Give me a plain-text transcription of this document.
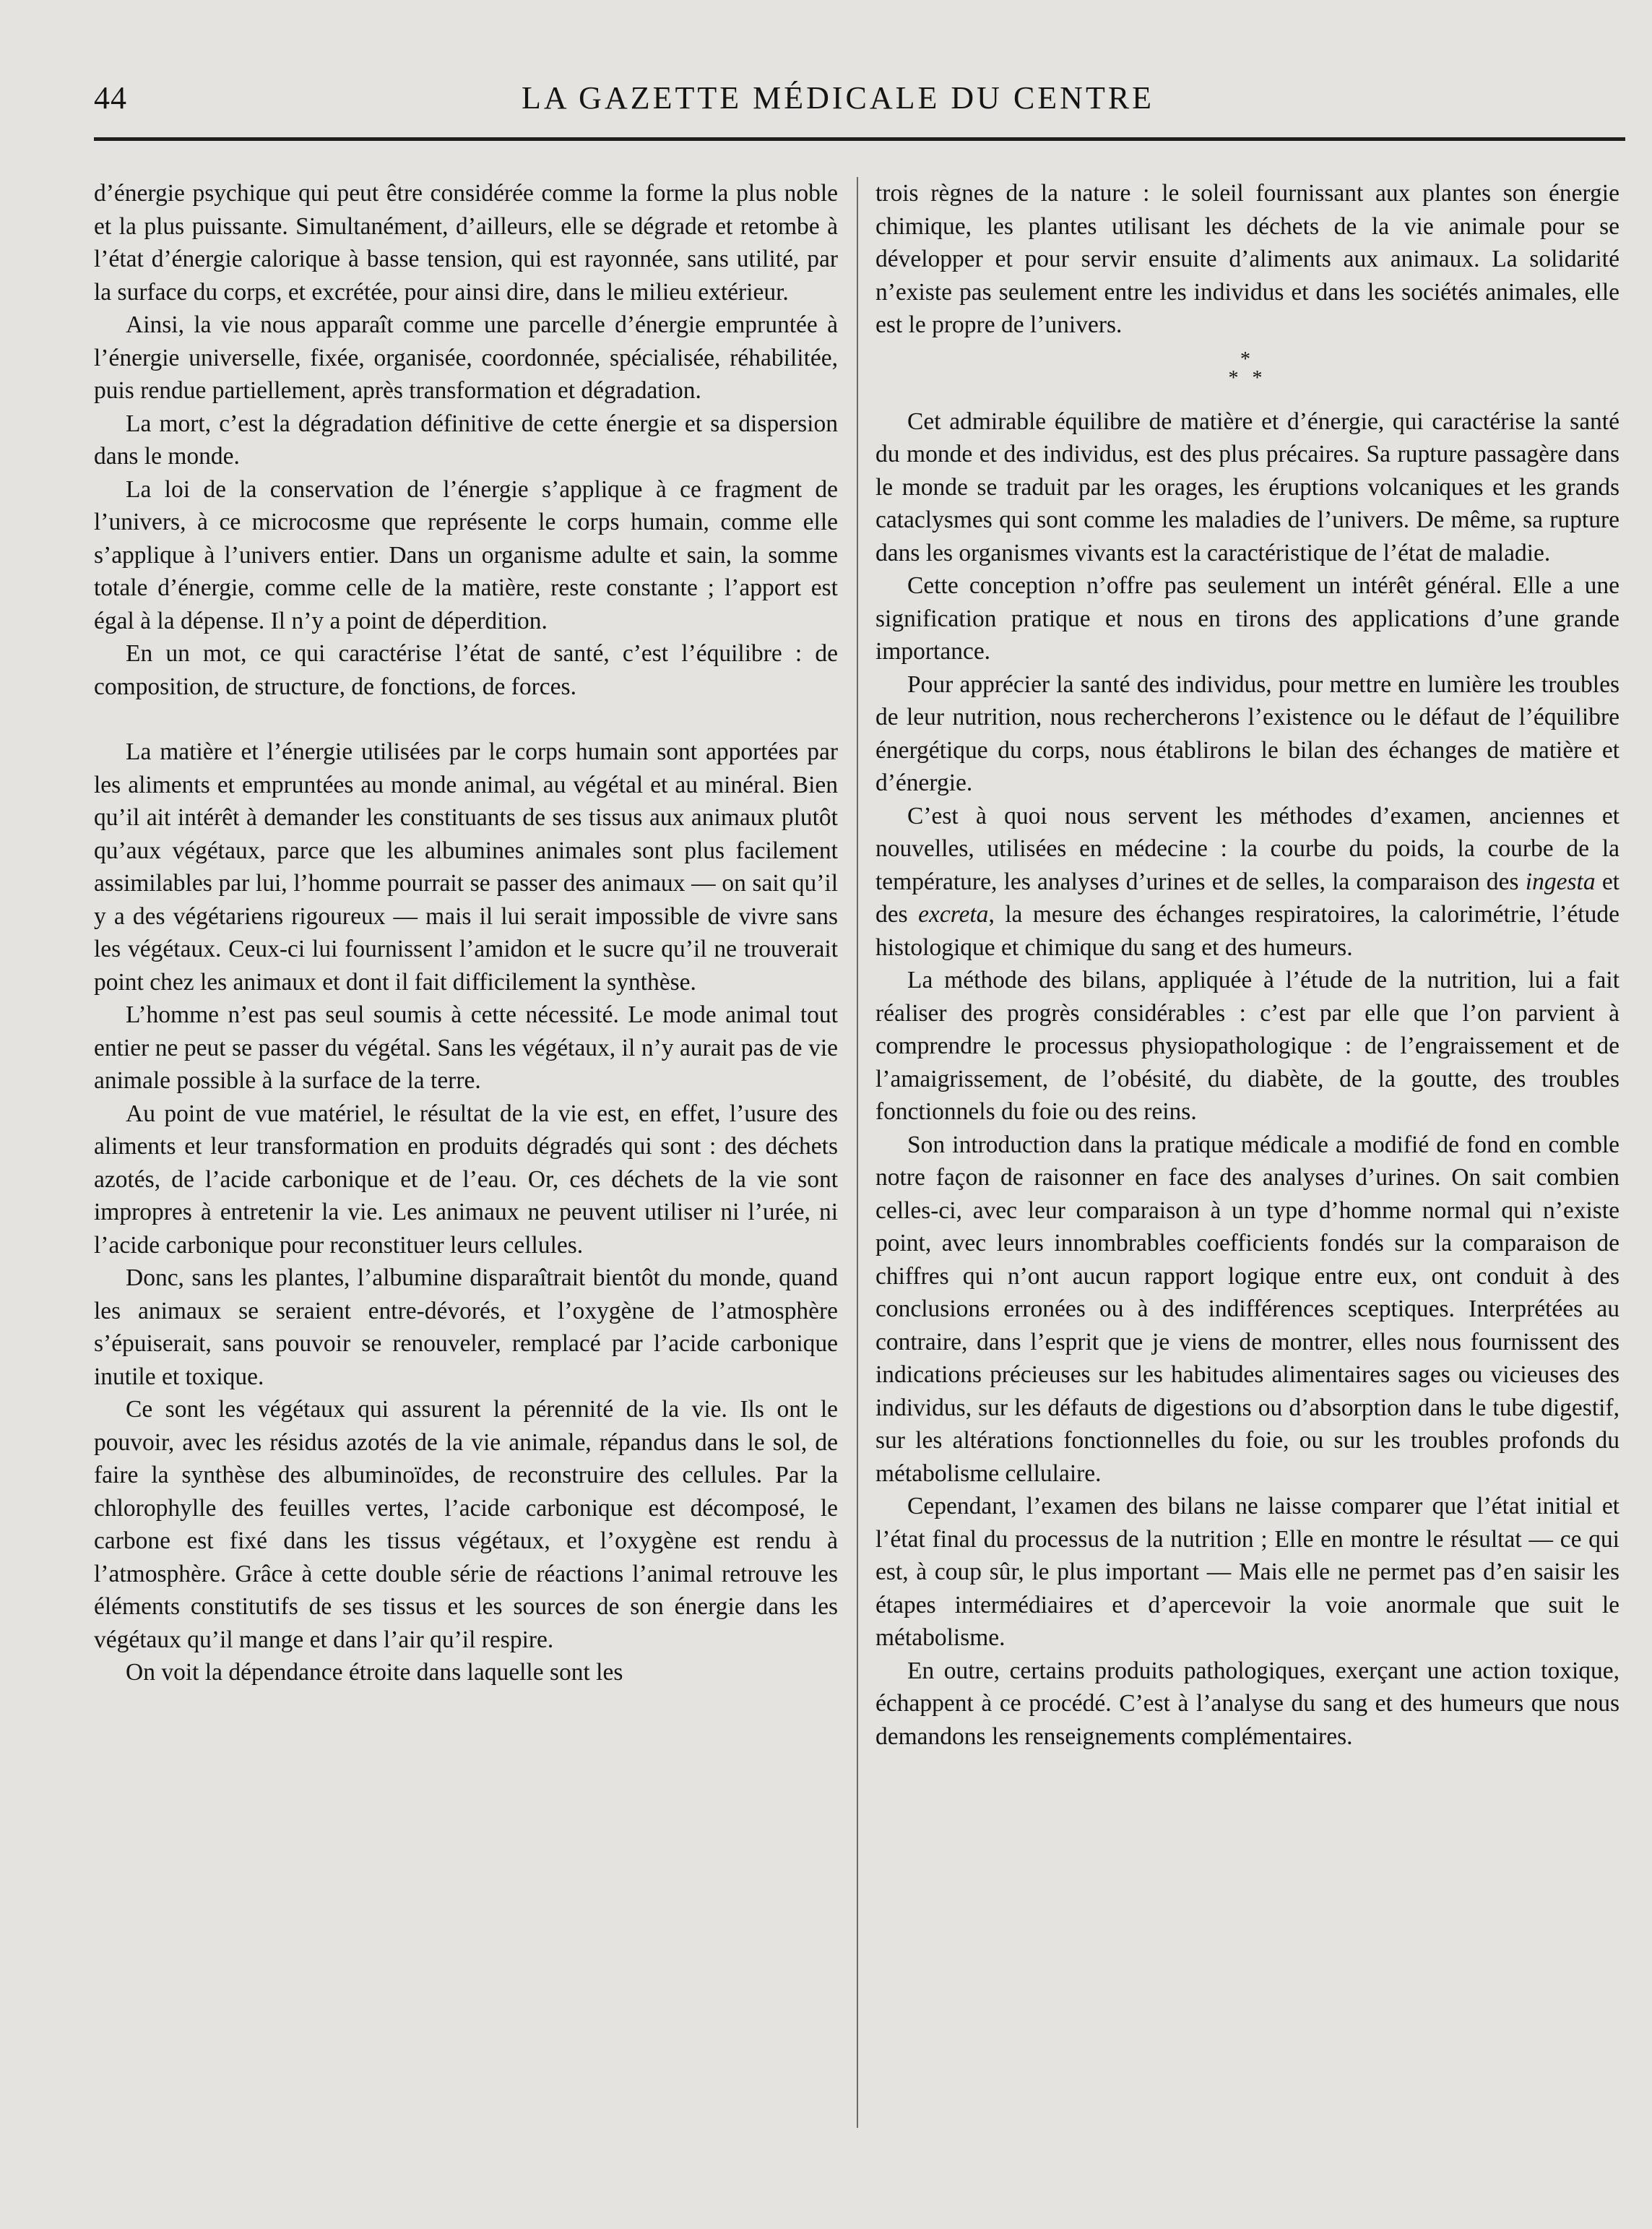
44	LA GAZETTE MÉDICALE DU CENTRE

d’énergie psychique qui peut être considérée comme la forme la plus noble et la plus puissante. Simultanément, d’ailleurs, elle se dégrade et retombe à l’état d’énergie calorique à basse tension, qui est rayonnée, sans utilité, par la surface du corps, et excrétée, pour ainsi dire, dans le milieu extérieur.

Ainsi, la vie nous apparaît comme une parcelle d’énergie empruntée à l’énergie universelle, fixée, organisée, coordonnée, spécialisée, réhabilitée, puis rendue partiellement, après transformation et dégradation.

La mort, c’est la dégradation définitive de cette énergie et sa dispersion dans le monde.

La loi de la conservation de l’énergie s’applique à ce fragment de l’univers, à ce microcosme que représente le corps humain, comme elle s’applique à l’univers entier. Dans un organisme adulte et sain, la somme totale d’énergie, comme celle de la matière, reste constante ; l’apport est égal à la dépense. Il n’y a point de déperdition.

En un mot, ce qui caractérise l’état de santé, c’est l’équilibre : de composition, de structure, de fonctions, de forces.

La matière et l’énergie utilisées par le corps humain sont apportées par les aliments et empruntées au monde animal, au végétal et au minéral. Bien qu’il ait intérêt à demander les constituants de ses tissus aux animaux plutôt qu’aux végétaux, parce que les albumines animales sont plus facilement assimilables par lui, l’homme pourrait se passer des animaux — on sait qu’il y a des végétariens rigoureux — mais il lui serait impossible de vivre sans les végétaux. Ceux-ci lui fournissent l’amidon et le sucre qu’il ne trouverait point chez les animaux et dont il fait difficilement la synthèse.

L’homme n’est pas seul soumis à cette nécessité. Le mode animal tout entier ne peut se passer du végétal. Sans les végétaux, il n’y aurait pas de vie animale possible à la surface de la terre.

Au point de vue matériel, le résultat de la vie est, en effet, l’usure des aliments et leur transformation en produits dégradés qui sont : des déchets azotés, de l’acide carbonique et de l’eau. Or, ces déchets de la vie sont impropres à entretenir la vie. Les animaux ne peuvent utiliser ni l’urée, ni l’acide carbonique pour reconstituer leurs cellules.

Donc, sans les plantes, l’albumine disparaîtrait bientôt du monde, quand les animaux se seraient entre-dévorés, et l’oxygène de l’atmosphère s’épuiserait, sans pouvoir se renouveler, remplacé par l’acide carbonique inutile et toxique.

Ce sont les végétaux qui assurent la pérennité de la vie. Ils ont le pouvoir, avec les résidus azotés de la vie animale, répandus dans le sol, de faire la synthèse des albuminoïdes, de reconstruire des cellules. Par la chlorophylle des feuilles vertes, l’acide carbonique est décomposé, le carbone est fixé dans les tissus végétaux, et l’oxygène est rendu à l’atmosphère. Grâce à cette double série de réactions l’animal retrouve les éléments constitutifs de ses tissus et les sources de son énergie dans les végétaux qu’il mange et dans l’air qu’il respire.

On voit la dépendance étroite dans laquelle sont les

trois règnes de la nature : le soleil fournissant aux plantes son énergie chimique, les plantes utilisant les déchets de la vie animale pour se développer et pour servir ensuite d’aliments aux animaux. La solidarité n’existe pas seulement entre les individus et dans les sociétés animales, elle est le propre de l’univers.

*
* *

Cet admirable équilibre de matière et d’énergie, qui caractérise la santé du monde et des individus, est des plus précaires. Sa rupture passagère dans le monde se traduit par les orages, les éruptions volcaniques et les grands cataclysmes qui sont comme les maladies de l’univers. De même, sa rupture dans les organismes vivants est la caractéristique de l’état de maladie.

Cette conception n’offre pas seulement un intérêt général. Elle a une signification pratique et nous en tirons des applications d’une grande importance.

Pour apprécier la santé des individus, pour mettre en lumière les troubles de leur nutrition, nous rechercherons l’existence ou le défaut de l’équilibre énergétique du corps, nous établirons le bilan des échanges de matière et d’énergie.

C’est à quoi nous servent les méthodes d’examen, anciennes et nouvelles, utilisées en médecine : la courbe du poids, la courbe de la température, les analyses d’urines et de selles, la comparaison des ingesta et des excreta, la mesure des échanges respiratoires, la calorimétrie, l’étude histologique et chimique du sang et des humeurs.

La méthode des bilans, appliquée à l’étude de la nutrition, lui a fait réaliser des progrès considérables : c’est par elle que l’on parvient à comprendre le processus physiopathologique : de l’engraissement et de l’amaigrissement, de l’obésité, du diabète, de la goutte, des troubles fonctionnels du foie ou des reins.

Son introduction dans la pratique médicale a modifié de fond en comble notre façon de raisonner en face des analyses d’urines. On sait combien celles-ci, avec leur comparaison à un type d’homme normal qui n’existe point, avec leurs innombrables coefficients fondés sur la comparaison de chiffres qui n’ont aucun rapport logique entre eux, ont conduit à des conclusions erronées ou à des indifférences sceptiques. Interprétées au contraire, dans l’esprit que je viens de montrer, elles nous fournissent des indications précieuses sur les habitudes alimentaires sages ou vicieuses des individus, sur les défauts de digestions ou d’absorption dans le tube digestif, sur les altérations fonctionnelles du foie, ou sur les troubles profonds du métabolisme cellulaire.

Cependant, l’examen des bilans ne laisse comparer que l’état initial et l’état final du processus de la nutrition ; Elle en montre le résultat — ce qui est, à coup sûr, le plus important — Mais elle ne permet pas d’en saisir les étapes intermédiaires et d’apercevoir la voie anormale que suit le métabolisme.

En outre, certains produits pathologiques, exerçant une action toxique, échappent à ce procédé. C’est à l’analyse du sang et des humeurs que nous demandons les renseignements complémentaires.
